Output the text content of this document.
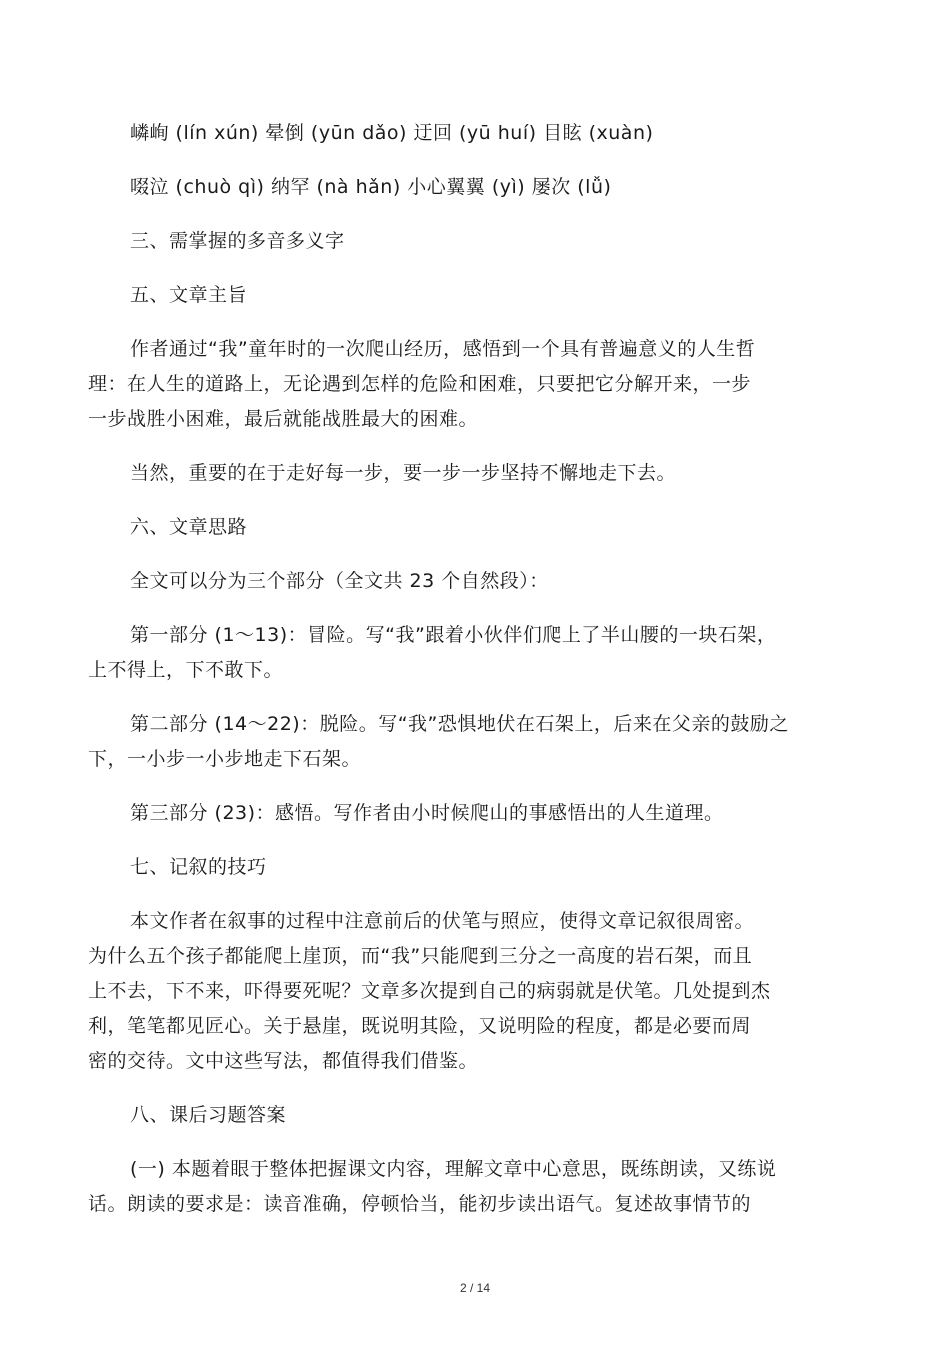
嶙峋 (lín xún) 晕倒 (yūn dǎo) 迂回 (yū huí) 目眩 (xuàn)
啜泣 (chuò qì) 纳罕 (nà hǎn) 小心翼翼 (yì) 屡次 (lǚ)
三、需掌握的多音多义字
五、文章主旨
作者通过“我”童年时的一次爬山经历，感悟到一个具有普遍意义的人生哲
理：在人生的道路上，无论遇到怎样的危险和困难，只要把它分解开来，一步
一步战胜小困难，最后就能战胜最大的困难。
当然，重要的在于走好每一步，要一步一步坚持不懈地走下去。
六、文章思路
全文可以分为三个部分（全文共 23 个自然段）：
第一部分 (1～13)：冒险。写“我”跟着小伙伴们爬上了半山腰的一块石架，
上不得上，下不敢下。
第二部分 (14～22)：脱险。写“我”恐惧地伏在石架上，后来在父亲的鼓励之
下，一小步一小步地走下石架。
第三部分 (23)：感悟。写作者由小时候爬山的事感悟出的人生道理。
七、记叙的技巧
本文作者在叙事的过程中注意前后的伏笔与照应，使得文章记叙很周密。
为什么五个孩子都能爬上崖顶，而“我”只能爬到三分之一高度的岩石架，而且
上不去，下不来，吓得要死呢？文章多次提到自己的病弱就是伏笔。几处提到杰
利，笔笔都见匠心。关于悬崖，既说明其险，又说明险的程度，都是必要而周
密的交待。文中这些写法，都值得我们借鉴。
八、课后习题答案
(一) 本题着眼于整体把握课文内容，理解文章中心意思，既练朗读，又练说
话。朗读的要求是：读音准确，停顿恰当，能初步读出语气。复述故事情节的
2 / 14
